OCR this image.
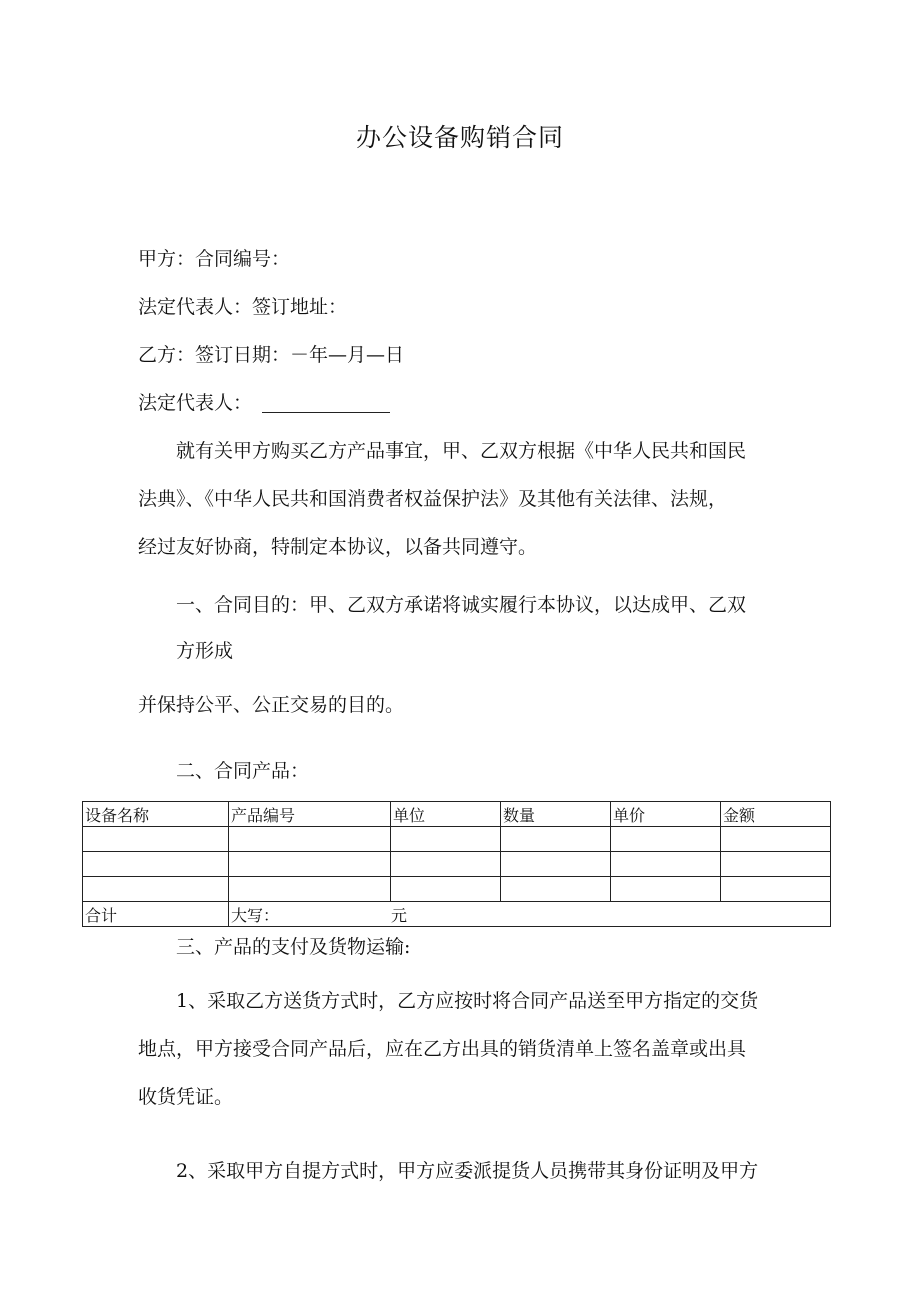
办公设备购销合同
甲方：合同编号：
法定代表人：签订地址：
乙方：签订日期：－年—月—日
法定代表人：
就有关甲方购买乙方产品事宜，甲、乙双方根据《中华人民共和国民
法典》、《中华人民共和国消费者权益保护法》及其他有关法律、法规，
经过友好协商，特制定本协议，以备共同遵守。
一、合同目的：甲、乙双方承诺将诚实履行本协议，以达成甲、乙双
方形成
并保持公平、公正交易的目的。
二、合同产品：
设备名称	产品编号	单位	数量	单价	金额

合计	大写： 元				
三、产品的支付及货物运输:
1、采取乙方送货方式时，乙方应按时将合同产品送至甲方指定的交货
地点，甲方接受合同产品后，应在乙方出具的销货清单上签名盖章或出具
收货凭证。
2、采取甲方自提方式时，甲方应委派提货人员携带其身份证明及甲方
